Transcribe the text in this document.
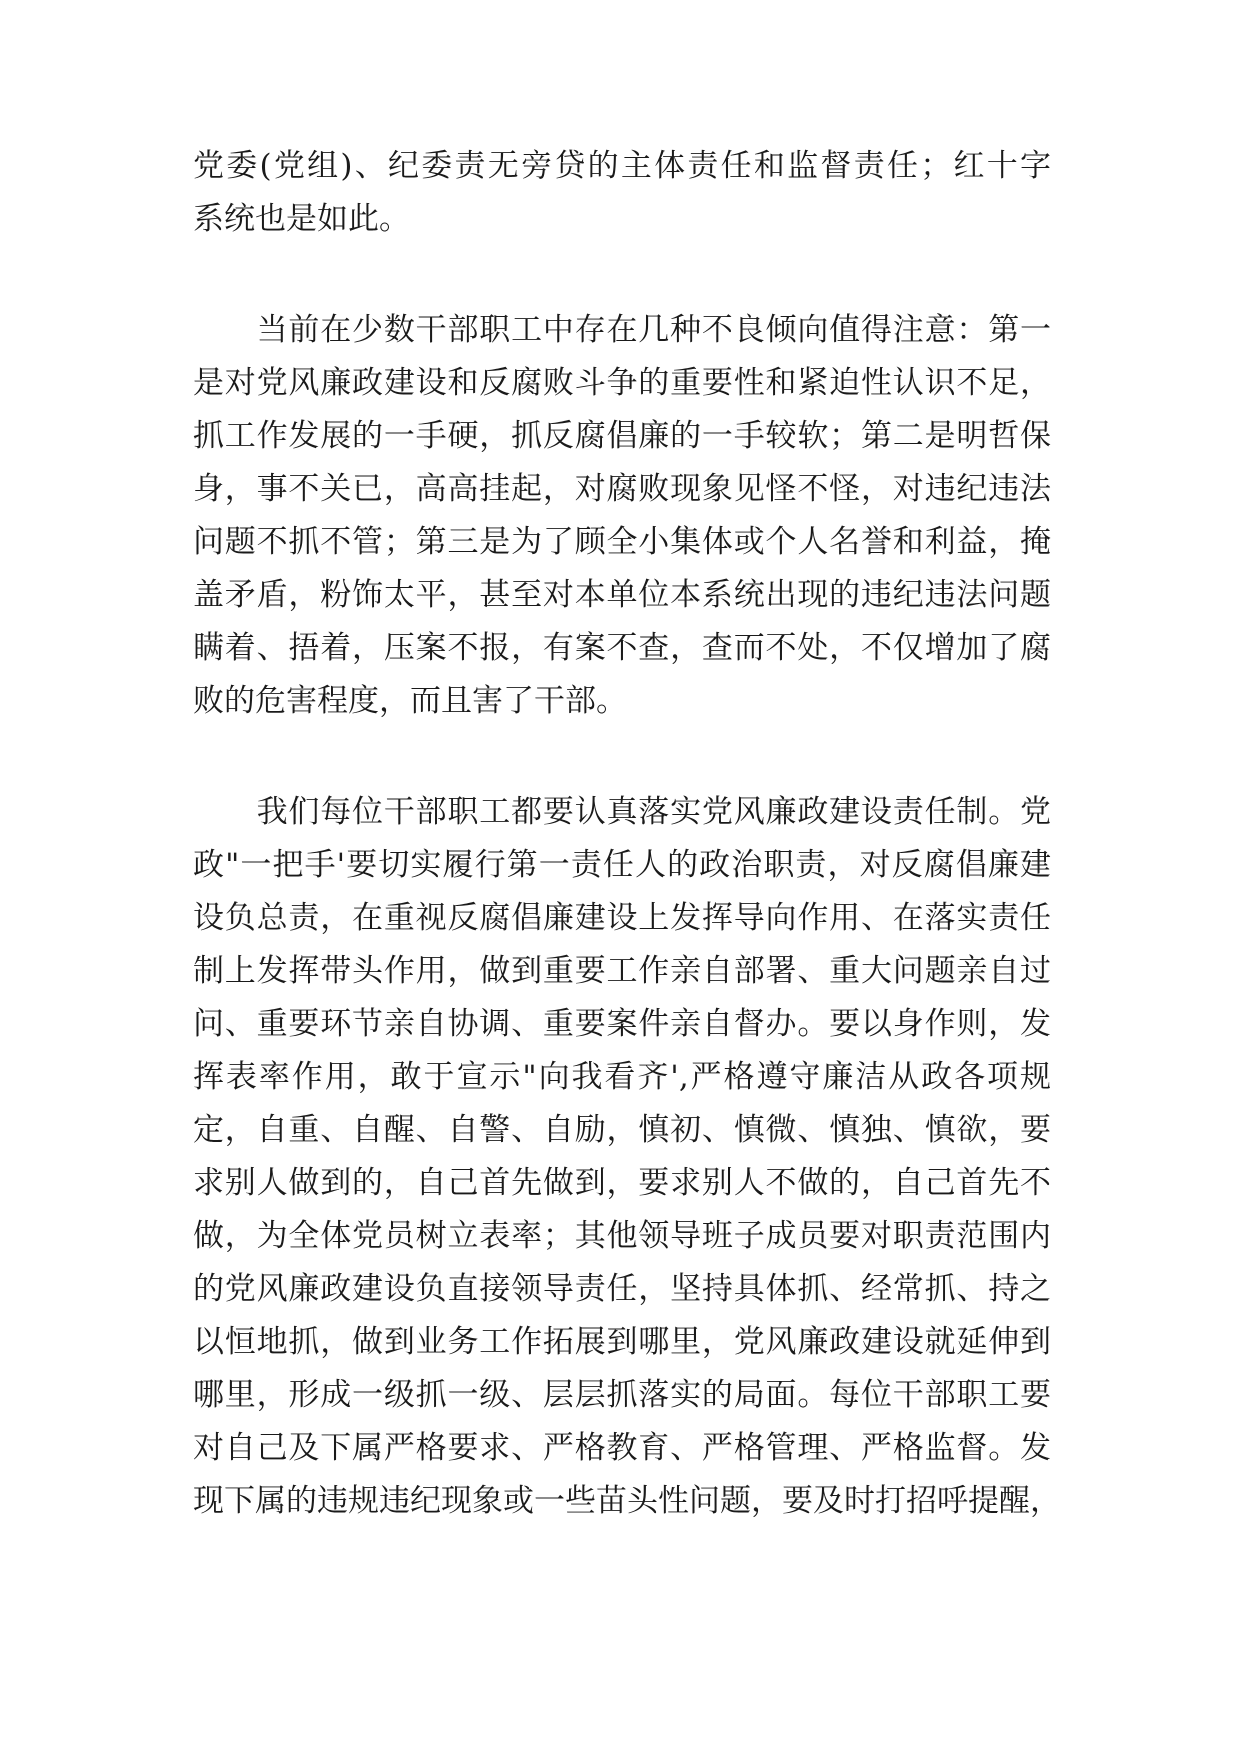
党委(党组)、纪委责无旁贷的主体责任和监督责任；红十字
系统也是如此。
　　当前在少数干部职工中存在几种不良倾向值得注意：第一
是对党风廉政建设和反腐败斗争的重要性和紧迫性认识不足，
抓工作发展的一手硬，抓反腐倡廉的一手较软；第二是明哲保
身，事不关已，高高挂起，对腐败现象见怪不怪，对违纪违法
问题不抓不管；第三是为了顾全小集体或个人名誉和利益，掩
盖矛盾，粉饰太平，甚至对本单位本系统出现的违纪违法问题
瞒着、捂着，压案不报，有案不查，查而不处，不仅增加了腐
败的危害程度，而且害了干部。
　　我们每位干部职工都要认真落实党风廉政建设责任制。党
政"一把手'要切实履行第一责任人的政治职责，对反腐倡廉建
设负总责，在重视反腐倡廉建设上发挥导向作用、在落实责任
制上发挥带头作用，做到重要工作亲自部署、重大问题亲自过
问、重要环节亲自协调、重要案件亲自督办。要以身作则，发
挥表率作用，敢于宣示"向我看齐',严格遵守廉洁从政各项规
定，自重、自醒、自警、自励，慎初、慎微、慎独、慎欲，要
求别人做到的，自己首先做到，要求别人不做的，自己首先不
做，为全体党员树立表率；其他领导班子成员要对职责范围内
的党风廉政建设负直接领导责任，坚持具体抓、经常抓、持之
以恒地抓，做到业务工作拓展到哪里，党风廉政建设就延伸到
哪里，形成一级抓一级、层层抓落实的局面。每位干部职工要
对自己及下属严格要求、严格教育、严格管理、严格监督。发
现下属的违规违纪现象或一些苗头性问题，要及时打招呼提醒，
